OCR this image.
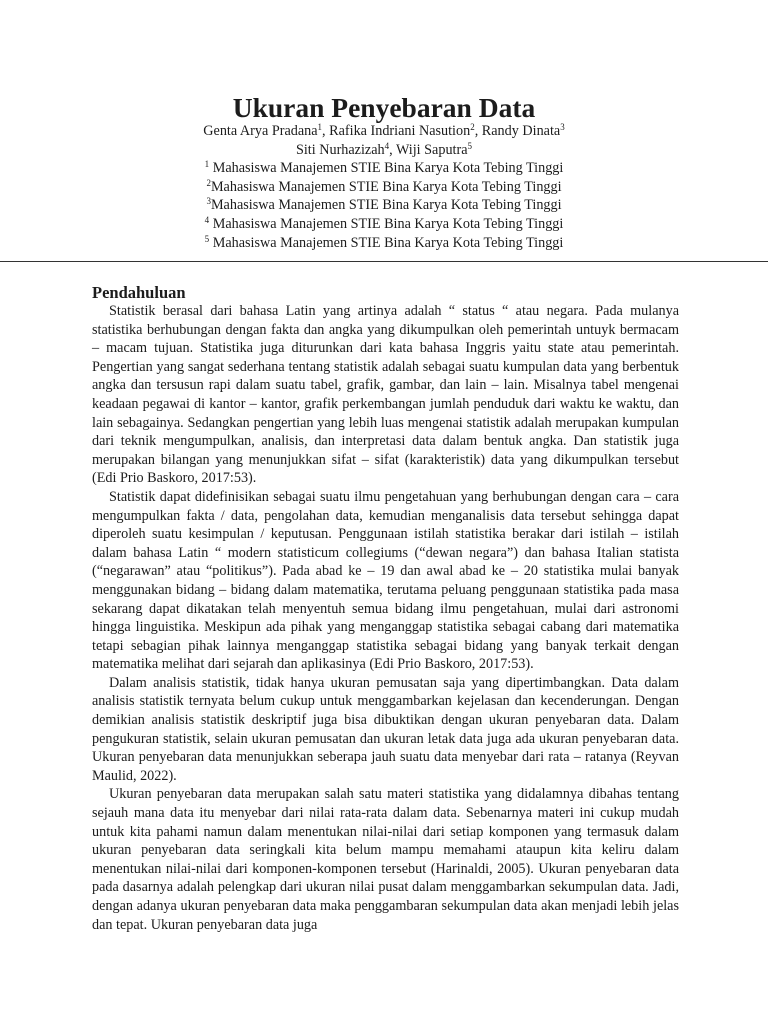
Ukuran Penyebaran Data
Genta Arya Pradana$^1$, Rafika Indriani Nasution$^2$, Randy Dinata$^3$
Siti Nurhazizah$^4$, Wiji Saputra$^5$
$^1$ Mahasiswa Manajemen STIE Bina Karya Kota Tebing Tinggi
$^2$Mahasiswa Manajemen STIE Bina Karya Kota Tebing Tinggi
$^3$Mahasiswa Manajemen STIE Bina Karya Kota Tebing Tinggi
$^4$ Mahasiswa Manajemen STIE Bina Karya Kota Tebing Tinggi
$^5$ Mahasiswa Manajemen STIE Bina Karya Kota Tebing Tinggi
Pendahuluan

Statistik berasal dari bahasa Latin yang artinya adalah “ status “ atau negara. Pada mulanya statistika berhubungan dengan fakta dan angka yang dikumpulkan oleh pemerintah untuyk bermacam – macam tujuan. Statistika juga diturunkan dari kata bahasa Inggris yaitu state atau pemerintah. Pengertian yang sangat sederhana tentang statistik adalah sebagai suatu kumpulan data yang berbentuk angka dan tersusun rapi dalam suatu tabel, grafik, gambar, dan lain – lain. Misalnya tabel mengenai keadaan pegawai di kantor – kantor, grafik perkembangan jumlah penduduk dari waktu ke waktu, dan lain sebagainya. Sedangkan pengertian yang lebih luas mengenai statistik adalah merupakan kumpulan dari teknik mengumpulkan, analisis, dan interpretasi data dalam bentuk angka. Dan statistik juga merupakan bilangan yang menunjukkan sifat – sifat (karakteristik) data yang dikumpulkan tersebut (Edi Prio Baskoro, 2017:53).

Statistik dapat didefinisikan sebagai suatu ilmu pengetahuan yang berhubungan dengan cara – cara mengumpulkan fakta / data, pengolahan data, kemudian menganalisis data tersebut sehingga dapat diperoleh suatu kesimpulan / keputusan. Penggunaan istilah statistika berakar dari istilah – istilah dalam bahasa Latin “ modern statisticum collegiums (“dewan negara”) dan bahasa Italian statista (“negarawan” atau “politikus”). Pada abad ke – 19 dan awal abad ke – 20 statistika mulai banyak menggunakan bidang – bidang dalam matematika, terutama peluang penggunaan statistika pada masa sekarang dapat dikatakan telah menyentuh semua bidang ilmu pengetahuan, mulai dari astronomi hingga linguistika. Meskipun ada pihak yang menganggap statistika sebagai cabang dari matematika tetapi sebagian pihak lainnya menganggap statistika sebagai bidang yang banyak terkait dengan matematika melihat dari sejarah dan aplikasinya (Edi Prio Baskoro, 2017:53).

Dalam analisis statistik, tidak hanya ukuran pemusatan saja yang dipertimbangkan. Data dalam analisis statistik ternyata belum cukup untuk menggambarkan kejelasan dan kecenderungan. Dengan demikian analisis statistik deskriptif juga bisa dibuktikan dengan ukuran penyebaran data. Dalam pengukuran statistik, selain ukuran pemusatan dan ukuran letak data juga ada ukuran penyebaran data. Ukuran penyebaran data menunjukkan seberapa jauh suatu data menyebar dari rata – ratanya (Reyvan Maulid, 2022).

Ukuran penyebaran data merupakan salah satu materi statistika yang didalamnya dibahas tentang sejauh mana data itu menyebar dari nilai rata-rata dalam data. Sebenarnya materi ini cukup mudah untuk kita pahami namun dalam menentukan nilai-nilai dari setiap komponen yang termasuk dalam ukuran penyebaran data seringkali kita belum mampu memahami ataupun kita keliru dalam menentukan nilai-nilai dari komponen-komponen tersebut (Harinaldi, 2005). Ukuran penyebaran data pada dasarnya adalah pelengkap dari ukuran nilai pusat dalam menggambarkan sekumpulan data. Jadi, dengan adanya ukuran penyebaran data maka penggambaran sekumpulan data akan menjadi lebih jelas dan tepat. Ukuran penyebaran data juga
